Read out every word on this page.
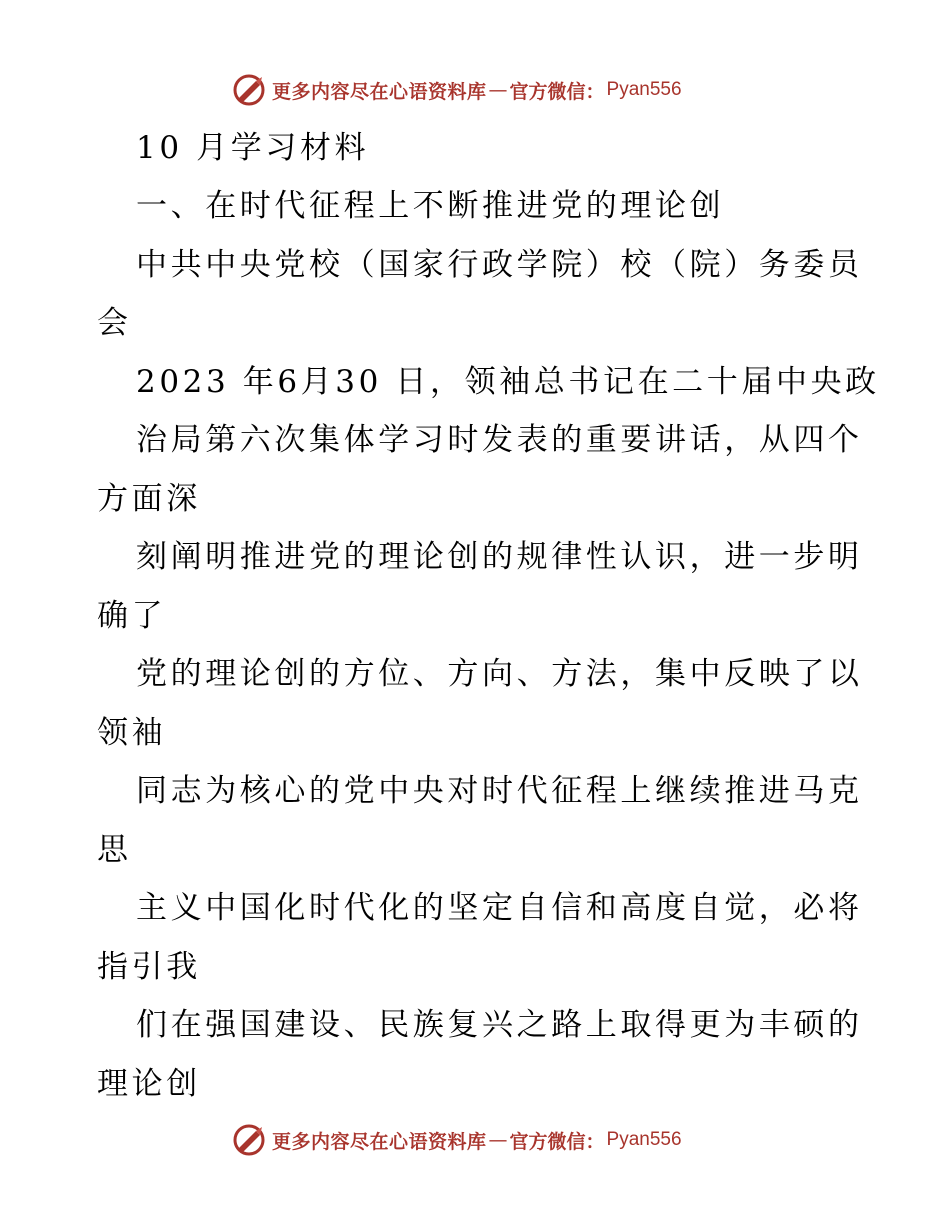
更多内容尽在心语资料库 — 官方微信： Pyan556
10 月学习材料
一、在时代征程上不断推进党的理论创
中共中央党校（国家行政学院）校（院）务委员
会
2023 年6月30 日，领袖总书记在二十届中央政
治局第六次集体学习时发表的重要讲话，从四个
方面深
刻阐明推进党的理论创的规律性认识，进一步明
确了
党的理论创的方位、方向、方法，集中反映了以
领袖
同志为核心的党中央对时代征程上继续推进马克
思
主义中国化时代化的坚定自信和高度自觉，必将
指引我
们在强国建设、民族复兴之路上取得更为丰硕的
理论创
更多内容尽在心语资料库 — 官方微信： Pyan556
